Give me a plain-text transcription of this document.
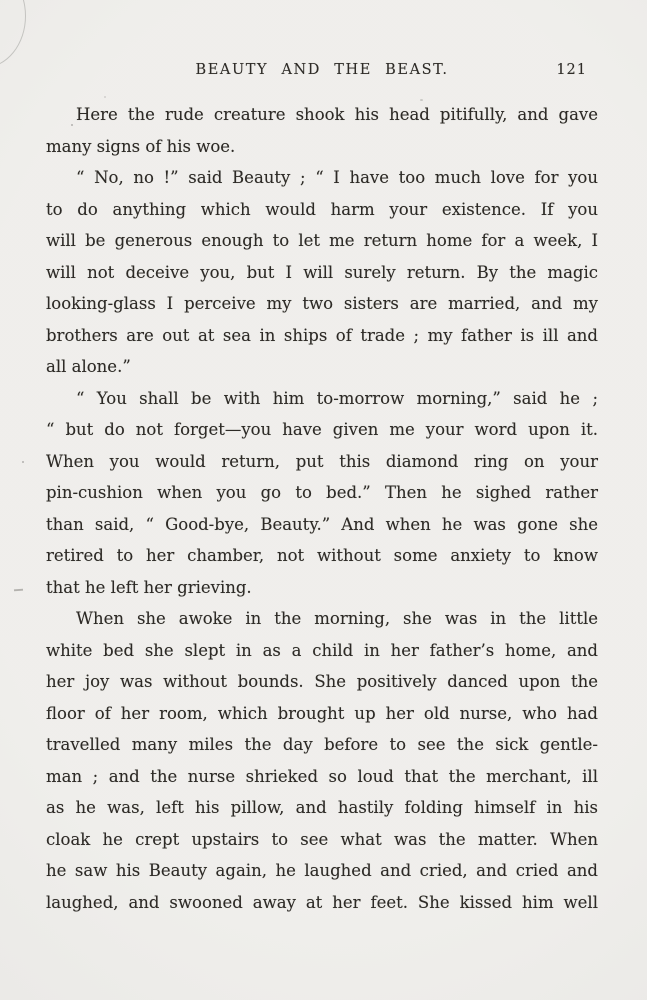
BEAUTY AND THE BEAST.	121
Here the rude creature shook his head pitifully, and gave
many signs of his woe.
“ No, no !” said Beauty ; “ I have too much love for you
to do anything which would harm your existence. If you
will be generous enough to let me return home for a week, I
will not deceive you, but I will surely return. By the magic
looking-glass I perceive my two sisters are married, and my
brothers are out at sea in ships of trade ; my father is ill and
all alone.”
“ You shall be with him to-morrow morning,” said he ;
“ but do not forget—you have given me your word upon it.
When you would return, put this diamond ring on your
pin-cushion when you go to bed.” Then he sighed rather
than said, “ Good-bye, Beauty.” And when he was gone she
retired to her chamber, not without some anxiety to know
that he left her grieving.
When she awoke in the morning, she was in the little
white bed she slept in as a child in her father’s home, and
her joy was without bounds. She positively danced upon the
floor of her room, which brought up her old nurse, who had
travelled many miles the day before to see the sick gentle-
man ; and the nurse shrieked so loud that the merchant, ill
as he was, left his pillow, and hastily folding himself in his
cloak he crept upstairs to see what was the matter. When
he saw his Beauty again, he laughed and cried, and cried and
laughed, and swooned away at her feet. She kissed him well
